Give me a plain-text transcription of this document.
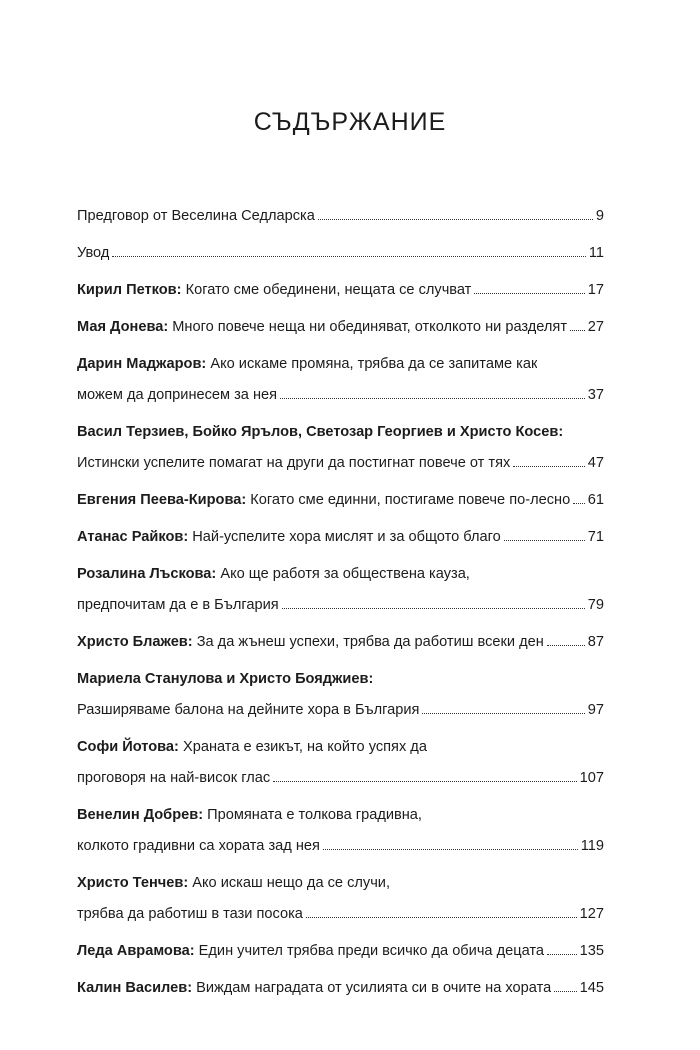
СЪДЪРЖАНИЕ
Предговор от Веселина Седларска	9
Увод	11
Кирил Петков: Когато сме обединени, нещата се случват	17
Мая Донева: Много повече неща ни обединяват, отколкото ни разделят 27
Дарин Маджаров: Ако искаме промяна, трябва да се запитаме как
можем да допринесем за нея	37
Васил Терзиев, Бойко Ярълов, Светозар Георгиев и Христо Косев:
Истински успелите помагат на други да постигнат повече от тях	47
Евгения Пеева-Кирова: Когато сме единни, постигаме повече по-лесно 61
Атанас Райков: Най-успелите хора мислят и за общото благо	71
Розалина Лъскова: Ако ще работя за обществена кауза,
предпочитам да е в България	79
Христо Блажев: За да жънеш успехи, трябва да работиш всеки ден	87
Мариела Станулова и Христо Бояджиев:
Разширяваме балона на дейните хора в България	97
Софи Йотова: Храната е езикът, на който успях да
проговоря на най-висок глас	107
Венелин Добрев: Промяната е толкова градивна,
колкото градивни са хората зад нея	119
Христо Тенчев: Ако искаш нещо да се случи,
трябва да работиш в тази посока	127
Леда Аврамова: Един учител трябва преди всичко да обича децата 135
Калин Василев: Виждам наградата от усилията си в очите на хората 145
